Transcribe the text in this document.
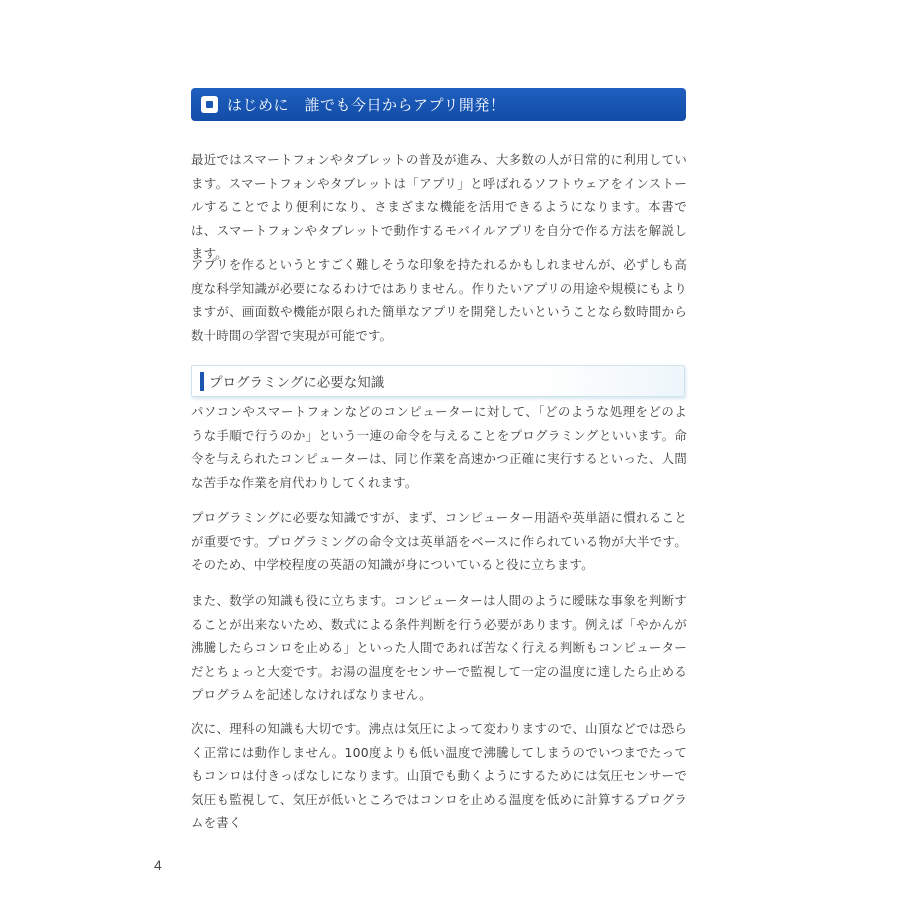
はじめに　誰でも今日からアプリ開発！

最近ではスマートフォンやタブレットの普及が進み、大多数の人が日常的に利用しています。スマートフォンやタブレットは「アプリ」と呼ばれるソフトウェアをインストールすることでより便利になり、さまざまな機能を活用できるようになります。本書では、スマートフォンやタブレットで動作するモバイルアプリを自分で作る方法を解説します。

アプリを作るというとすごく難しそうな印象を持たれるかもしれませんが、必ずしも高度な科学知識が必要になるわけではありません。作りたいアプリの用途や規模にもよりますが、画面数や機能が限られた簡単なアプリを開発したいということなら数時間から数十時間の学習で実現が可能です。

プログラミングに必要な知識

パソコンやスマートフォンなどのコンピューターに対して、「どのような処理をどのような手順で行うのか」という一連の命令を与えることをプログラミングといいます。命令を与えられたコンピューターは、同じ作業を高速かつ正確に実行するといった、人間な苦手な作業を肩代わりしてくれます。

プログラミングに必要な知識ですが、まず、コンピューター用語や英単語に慣れることが重要です。プログラミングの命令文は英単語をベースに作られている物が大半です。そのため、中学校程度の英語の知識が身についていると役に立ちます。

また、数学の知識も役に立ちます。コンピューターは人間のように曖昧な事象を判断することが出来ないため、数式による条件判断を行う必要があります。例えば「やかんが沸騰したらコンロを止める」といった人間であれば苦なく行える判断もコンピューターだとちょっと大変です。お湯の温度をセンサーで監視して一定の温度に達したら止めるプログラムを記述しなければなりません。

次に、理科の知識も大切です。沸点は気圧によって変わりますので、山頂などでは恐らく正常には動作しません。100度よりも低い温度で沸騰してしまうのでいつまでたってもコンロは付きっぱなしになります。山頂でも動くようにするためには気圧センサーで気圧も監視して、気圧が低いところではコンロを止める温度を低めに計算するプログラムを書く

4
